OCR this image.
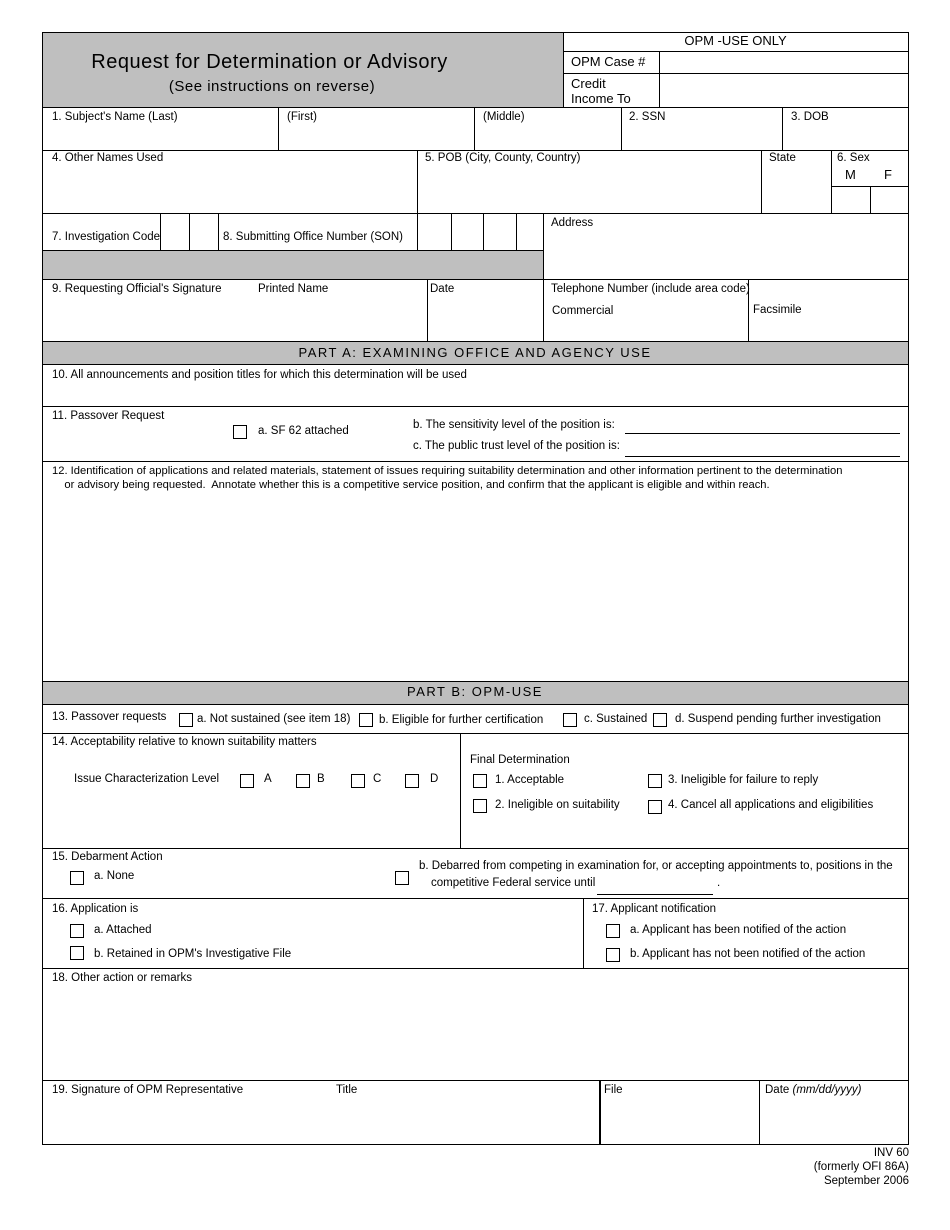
Request for Determination or Advisory
(See instructions on reverse)
OPM -USE ONLY
OPM Case #
Credit
Income To
1. Subject's Name (Last)	(First)	(Middle)	2. SSN	3. DOB
4. Other Names Used	5. POB (City, County, Country)	State	6. Sex
M F
7. Investigation Code	8. Submitting Office Number (SON)
Address
9. Requesting Official's Signature	Printed Name	Date	Telephone Number (include area code)
Commercial	Facsimile
PART A: EXAMINING OFFICE AND AGENCY USE
10. All announcements and position titles for which this determination will be used
11. Passover Request
a. SF 62 attached	b. The sensitivity level of the position is:
c. The public trust level of the position is:
12. Identification of applications and related materials, statement of issues requiring suitability determination and other information pertinent to the determination
or advisory being requested.  Annotate whether this is a competitive service position, and confirm that the applicant is eligible and within reach.
PART B: OPM-USE
13. Passover requests	a. Not sustained (see item 18) b. Eligible for further certification	c. Sustained d. Suspend pending further investigation
14. Acceptability relative to known suitability matters
Issue Characterization Level	A	B	C	D
Final Determination
1. Acceptable
2. Ineligible on suitability
3. Ineligible for failure to reply
4. Cancel all applications and eligibilities
15. Debarment Action
a. None
b. Debarred from competing in examination for, or accepting appointments to, positions in the
competitive Federal service until	.
16. Application is
a. Attached
b. Retained in OPM's Investigative File
17. Applicant notification
a. Applicant has been notified of the action
b. Applicant has not been notified of the action
18. Other action or remarks
19. Signature of OPM Representative	Title	File	Date (mm/dd/yyyy)
INV 60
(formerly OFI 86A)
September 2006
